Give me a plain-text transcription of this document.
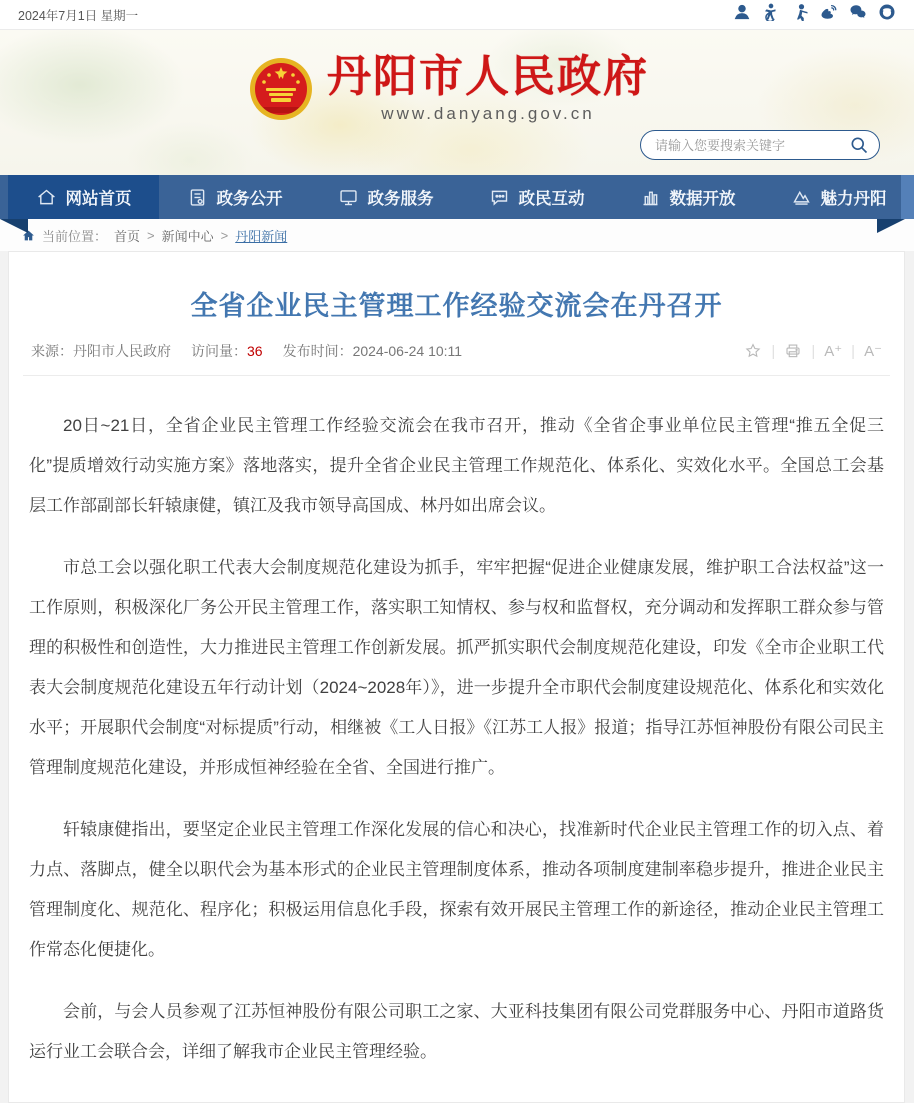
2024年7月1日 星期一
丹阳市人民政府
www.danyang.gov.cn
请输入您要搜索关键字
网站首页	政务公开	政务服务	政民互动	数据开放	魅力丹阳
当前位置： 首页 > 新闻中心 > 丹阳新闻
全省企业民主管理工作经验交流会在丹召开
来源：丹阳市人民政府 访问量：36 发布时间：2024-06-24 10:11	| | A⁺ | A⁻

20日~21日，全省企业民主管理工作经验交流会在我市召开，推动《全省企事业单位民主管理“推五全促三化”提质增效行动实施方案》落地落实，提升全省企业民主管理工作规范化、体系化、实效化水平。全国总工会基层工作部副部长轩辕康健，镇江及我市领导高国成、林丹如出席会议。

市总工会以强化职工代表大会制度规范化建设为抓手，牢牢把握“促进企业健康发展，维护职工合法权益”这一工作原则，积极深化厂务公开民主管理工作，落实职工知情权、参与权和监督权，充分调动和发挥职工群众参与管理的积极性和创造性，大力推进民主管理工作创新发展。抓严抓实职代会制度规范化建设，印发《全市企业职工代表大会制度规范化建设五年行动计划（2024~2028年）》，进一步提升全市职代会制度建设规范化、体系化和实效化水平；开展职代会制度“对标提质”行动，相继被《工人日报》《江苏工人报》报道；指导江苏恒神股份有限公司民主管理制度规范化建设，并形成恒神经验在全省、全国进行推广。

轩辕康健指出，要坚定企业民主管理工作深化发展的信心和决心，找准新时代企业民主管理工作的切入点、着力点、落脚点，健全以职代会为基本形式的企业民主管理制度体系，推动各项制度建制率稳步提升，推进企业民主管理制度化、规范化、程序化；积极运用信息化手段，探索有效开展民主管理工作的新途径，推动企业民主管理工作常态化便捷化。

会前，与会人员参观了江苏恒神股份有限公司职工之家、大亚科技集团有限公司党群服务中心、丹阳市道路货运行业工会联合会，详细了解我市企业民主管理经验。
